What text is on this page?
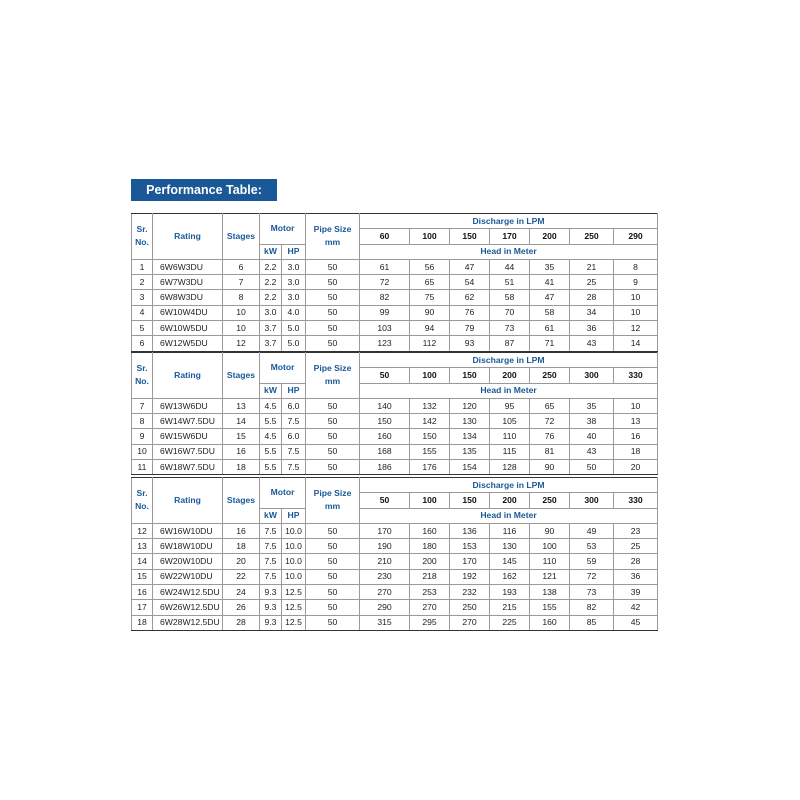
Performance Table:
Sr.
No.	Rating	Stages	Motor		Pipe Size
mm	Discharge in LPM						
						60	100	150	170	200	250	290
			kW	HP		Head in Meter						
1	6W6W3DU	6	2.2	3.0	50	61	56	47	44	35	21	8
2	6W7W3DU	7	2.2	3.0	50	72	65	54	51	41	25	9
3	6W8W3DU	8	2.2	3.0	50	82	75	62	58	47	28	10
4	6W10W4DU	10	3.0	4.0	50	99	90	76	70	58	34	10
5	6W10W5DU	10	3.7	5.0	50	103	94	79	73	61	36	12
6	6W12W5DU	12	3.7	5.0	50	123	112	93	87	71	43	14
Sr.
No.	Rating	Stages	Motor		Pipe Size
mm	Discharge in LPM						
						50	100	150	200	250	300	330
			kW	HP		Head in Meter						
7	6W13W6DU	13	4.5	6.0	50	140	132	120	95	65	35	10
8	6W14W7.5DU	14	5.5	7.5	50	150	142	130	105	72	38	13
9	6W15W6DU	15	4.5	6.0	50	160	150	134	110	76	40	16
10	6W16W7.5DU	16	5.5	7.5	50	168	155	135	115	81	43	18
11	6W18W7.5DU	18	5.5	7.5	50	186	176	154	128	90	50	20
Sr.
No.	Rating	Stages	Motor		Pipe Size
mm	Discharge in LPM						
						50	100	150	200	250	300	330
			kW	HP		Head in Meter						
12	6W16W10DU	16	7.5	10.0	50	170	160	136	116	90	49	23
13	6W18W10DU	18	7.5	10.0	50	190	180	153	130	100	53	25
14	6W20W10DU	20	7.5	10.0	50	210	200	170	145	110	59	28
15	6W22W10DU	22	7.5	10.0	50	230	218	192	162	121	72	36
16	6W24W12.5DU	24	9.3	12.5	50	270	253	232	193	138	73	39
17	6W26W12.5DU	26	9.3	12.5	50	290	270	250	215	155	82	42
18	6W28W12.5DU	28	9.3	12.5	50	315	295	270	225	160	85	45
